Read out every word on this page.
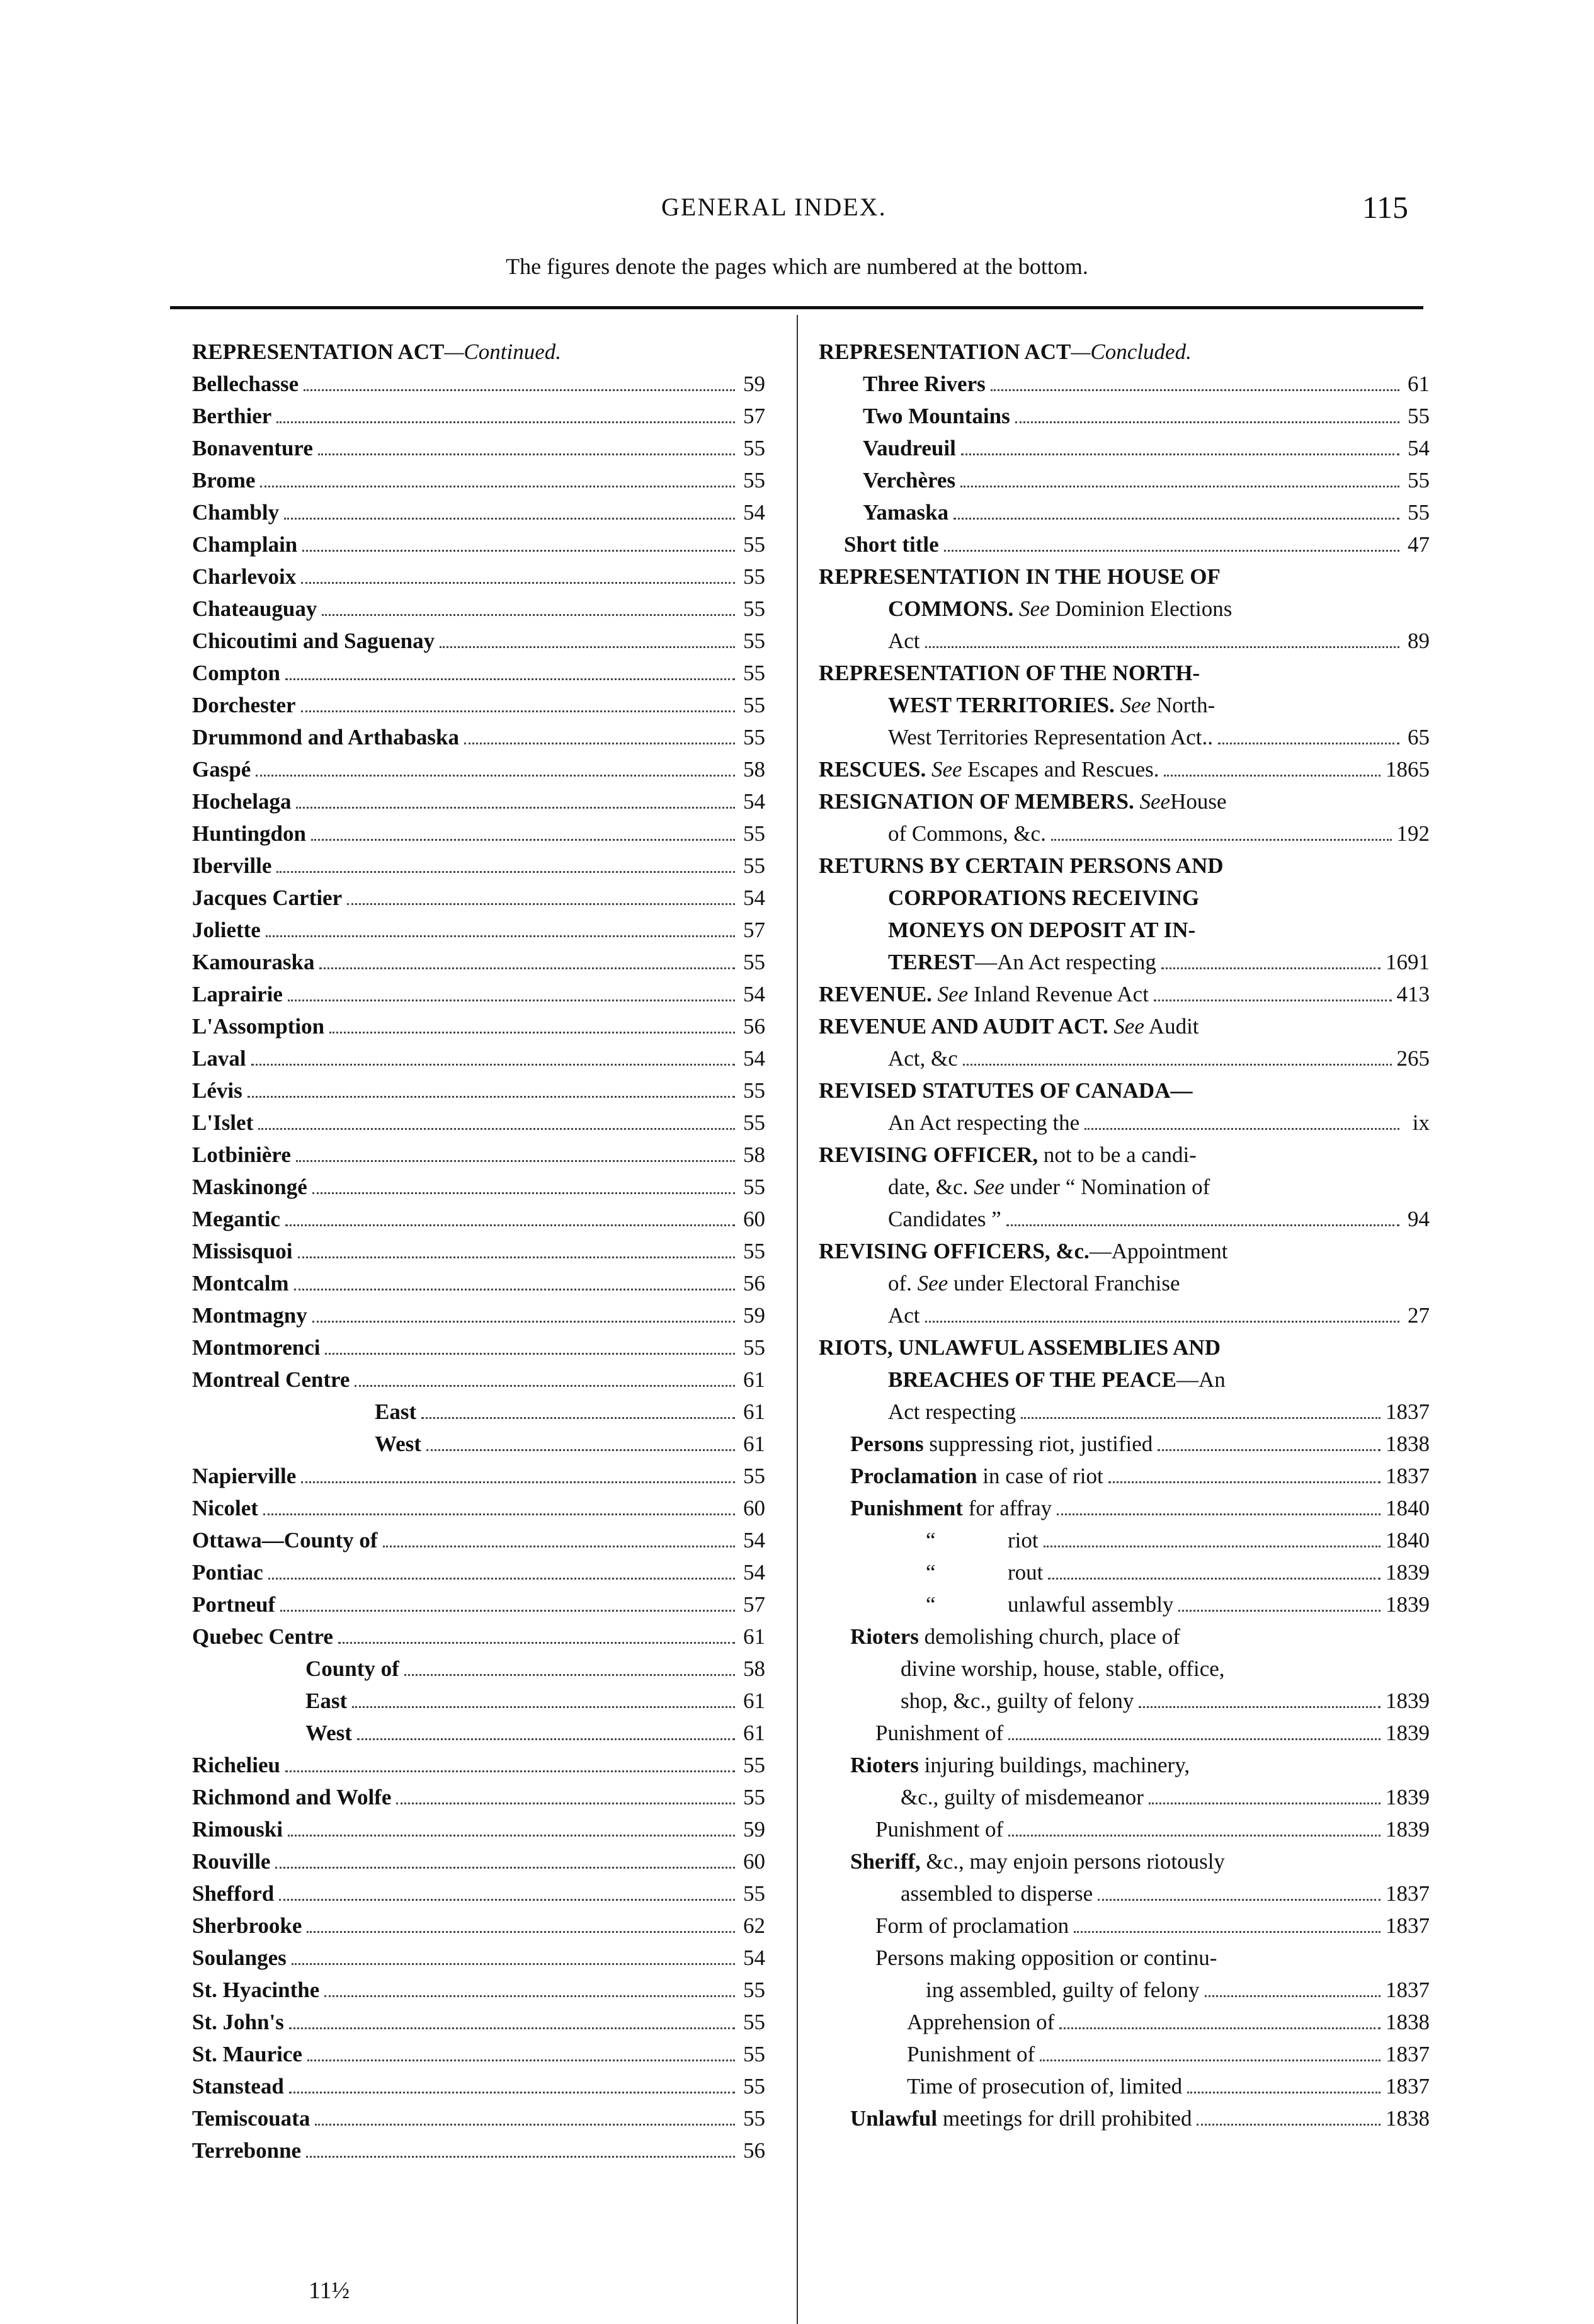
GENERAL INDEX.	115
The figures denote the pages which are numbered at the bottom.
REPRESENTATION ACT—Continued.
Bellechasse	59
Berthier	57
Bonaventure	55
Brome	55
Chambly	54
Champlain	55
Charlevoix	55
Chateauguay	55
Chicoutimi and Saguenay	55
Compton	55
Dorchester	55
Drummond and Arthabaska	55
Gaspé	58
Hochelaga	54
Huntingdon	55
Iberville	55
Jacques Cartier	54
Joliette	57
Kamouraska	55
Laprairie	54
L'Assomption	56
Laval	54
Lévis	55
L'Islet	55
Lotbinière	58
Maskinongé	55
Megantic	60
Missisquoi	55
Montcalm	56
Montmagny	59
Montmorenci	55
Montreal Centre	61
East	61
West	61
Napierville	55
Nicolet	60
Ottawa—County of	54
Pontiac	54
Portneuf	57
Quebec Centre	61
County of	58
East	61
West	61
Richelieu	55
Richmond and Wolfe	55
Rimouski	59
Rouville	60
Shefford	55
Sherbrooke	62
Soulanges	54
St. Hyacinthe	55
St. John's	55
St. Maurice	55
Stanstead	55
Temiscouata	55
Terrebonne	56
REPRESENTATION ACT—Concluded.
Three Rivers	61
Two Mountains	55
Vaudreuil	54
Verchères	55
Yamaska	55
Short title	47
REPRESENTATION IN THE HOUSE OF
COMMONS. See Dominion Elections
Act	89
REPRESENTATION OF THE NORTH-
WEST TERRITORIES. See North-
West Territories Representation Act..	65
RESCUES. See Escapes and Rescues.	1865
RESIGNATION OF MEMBERS. SeeHouse
of Commons, &c.	192
RETURNS BY CERTAIN PERSONS AND
CORPORATIONS RECEIVING
MONEYS ON DEPOSIT AT IN-
TEREST—An Act respecting	1691
REVENUE. See Inland Revenue Act	413
REVENUE AND AUDIT ACT. See Audit
Act, &c	265
REVISED STATUTES OF CANADA—
An Act respecting the	ix
REVISING OFFICER, not to be a candi-
date, &c. See under “ Nomination of
Candidates ”	94
REVISING OFFICERS, &c.—Appointment
of. See under Electoral Franchise
Act	27
RIOTS, UNLAWFUL ASSEMBLIES AND
BREACHES OF THE PEACE—An
Act respecting	1837
Persons suppressing riot, justified	1838
Proclamation in case of riot	1837
Punishment for affray	1840
“	riot	1840
“	rout	1839
“	unlawful assembly	1839
Rioters demolishing church, place of
divine worship, house, stable, office,
shop, &c., guilty of felony	1839
Punishment of	1839
Rioters injuring buildings, machinery,
&c., guilty of misdemeanor	1839
Punishment of	1839
Sheriff, &c., may enjoin persons riotously
assembled to disperse	1837
Form of proclamation	1837
Persons making opposition or continu-
ing assembled, guilty of felony	1837
Apprehension of	1838
Punishment of	1837
Time of prosecution of, limited	1837
Unlawful meetings for drill prohibited	1838
11½
